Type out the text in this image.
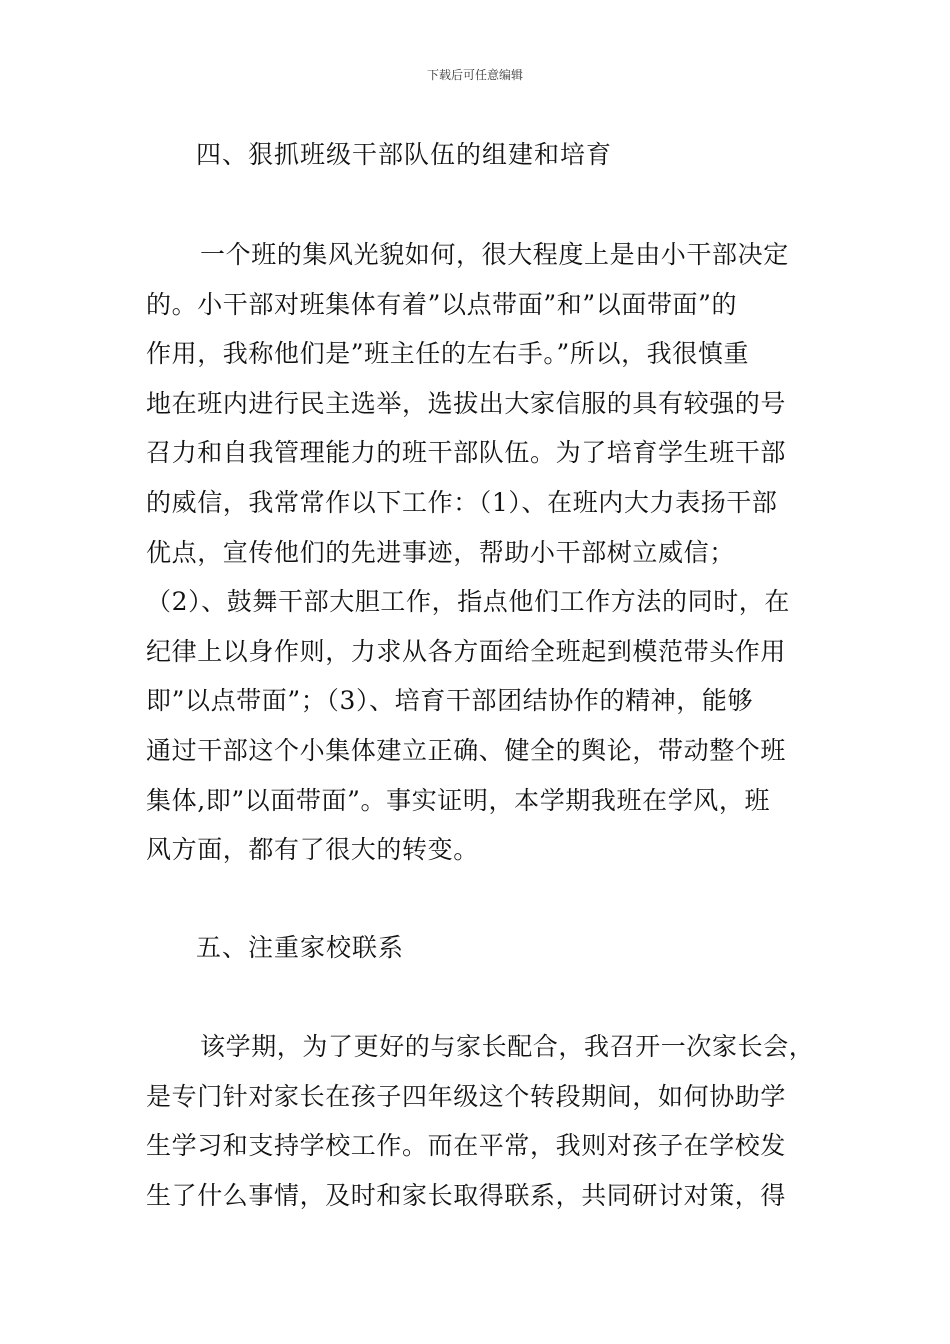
下载后可任意编辑
四、狠抓班级干部队伍的组建和培育
一个班的集风光貌如何，很大程度上是由小干部决定
的。小干部对班集体有着”以点带面”和”以面带面”的
作用，我称他们是”班主任的左右手。”所以，我很慎重
地在班内进行民主选举，选拔出大家信服的具有较强的号
召力和自我管理能力的班干部队伍。为了培育学生班干部
的威信，我常常作以下工作：（1）、在班内大力表扬干部
优点，宣传他们的先进事迹，帮助小干部树立威信；
（2）、鼓舞干部大胆工作，指点他们工作方法的同时，在
纪律上以身作则，力求从各方面给全班起到模范带头作用
即”以点带面”；（3）、培育干部团结协作的精神，能够
通过干部这个小集体建立正确、健全的舆论，带动整个班
集体,即”以面带面”。事实证明，本学期我班在学风，班
风方面，都有了很大的转变。
五、注重家校联系
该学期，为了更好的与家长配合，我召开一次家长会，
是专门针对家长在孩子四年级这个转段期间，如何协助学
生学习和支持学校工作。而在平常，我则对孩子在学校发
生了什么事情，及时和家长取得联系，共同研讨对策，得
